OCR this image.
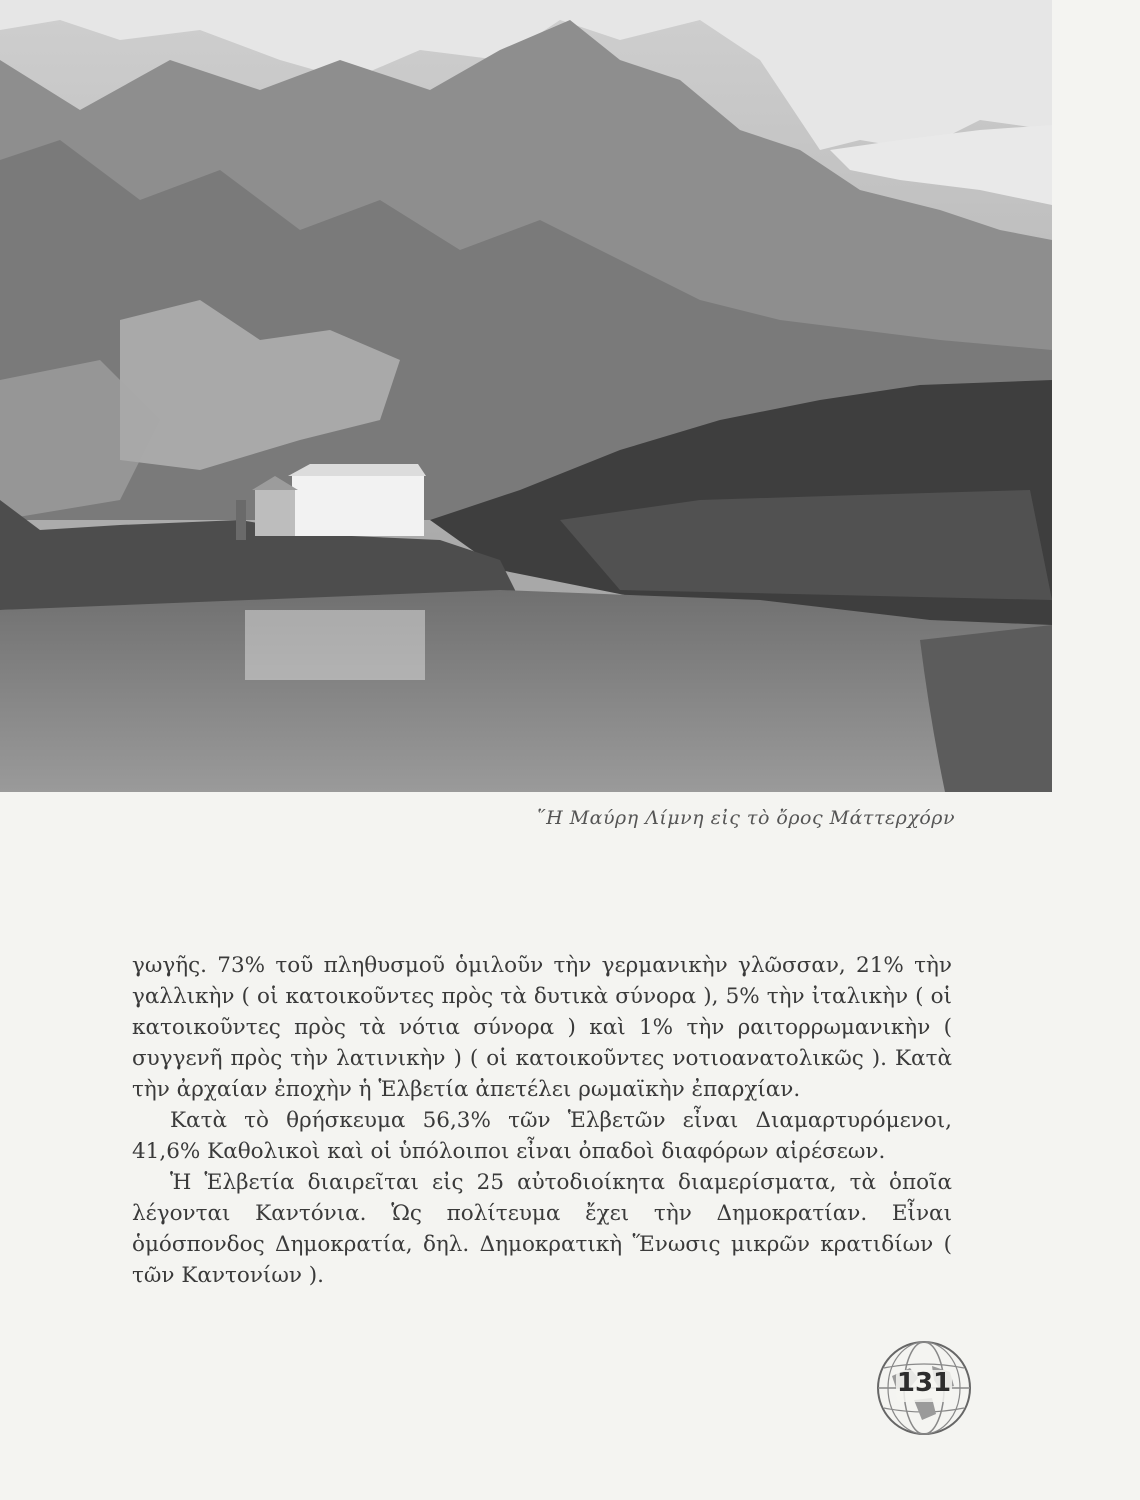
῞Η Μαύρη Λίμνη εἰς τὸ ὄρος Μάττερχόρν

γωγῆς. 73% τοῦ πληθυσμοῦ ὁμιλοῦν τὴν γερμανικὴν γλῶσσαν, 21% τὴν γαλλικὴν ( οἱ κατοικοῦντες πρὸς τὰ δυτικὰ σύνορα ), 5% τὴν ἰταλικὴν ( οἱ κατοικοῦντες πρὸς τὰ νότια σύνορα ) καὶ 1% τὴν ραιτορρωμανικὴν ( συγγενῆ πρὸς τὴν λατινικὴν ) ( οἱ κατοικοῦντες νοτιοανατολικῶς ). Κατὰ τὴν ἀρχαίαν ἐποχὴν ἡ Ἑλβετία ἀπετέλει ρωμαϊκὴν ἐπαρχίαν.

Κατὰ τὸ θρήσκευμα 56,3% τῶν Ἑλβετῶν εἶναι Διαμαρτυρόμενοι, 41,6% Καθολικοὶ καὶ οἱ ὑπόλοιποι εἶναι ὀπαδοὶ διαφόρων αἱρέσεων.

Ἡ Ἑλβετία διαιρεῖται εἰς 25 αὐτοδιοίκητα διαμερίσματα, τὰ ὁποῖα λέγονται Καντόνια. Ὡς πολίτευμα ἔχει τὴν Δημοκρατίαν. Εἶναι ὁμόσπονδος Δημοκρατία, δηλ. Δημοκρατικὴ Ἕνωσις μικρῶν κρατιδίων ( τῶν Καντονίων ).

131
